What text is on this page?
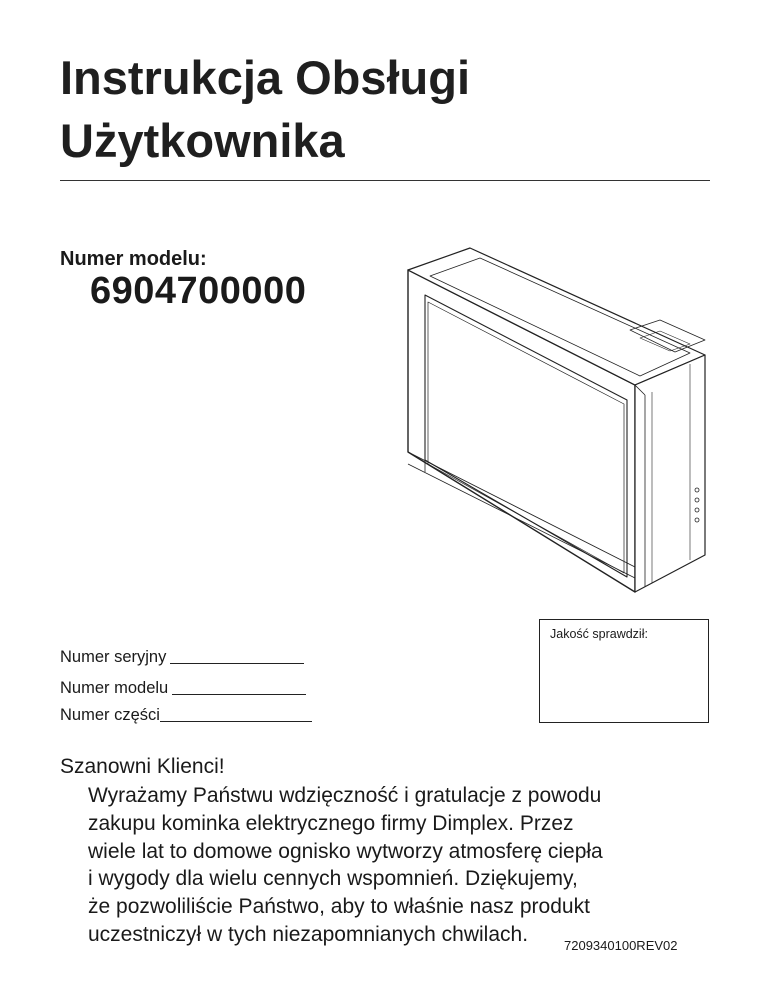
Instrukcja Obsługi
Użytkownika
Numer modelu:
6904700000
Numer seryjny
Numer modelu
Numer części
Jakość sprawdził:
Szanowni Klienci!
Wyrażamy Państwu wdzięczność i gratulacje z powodu
zakupu kominka elektrycznego firmy Dimplex. Przez
wiele lat to domowe ognisko wytworzy atmosferę ciepła
i wygody dla wielu cennych wspomnień. Dziękujemy,
że pozwoliliście Państwo, aby to właśnie nasz produkt
uczestniczył w tych niezapomnianych chwilach.	7209340100REV02
